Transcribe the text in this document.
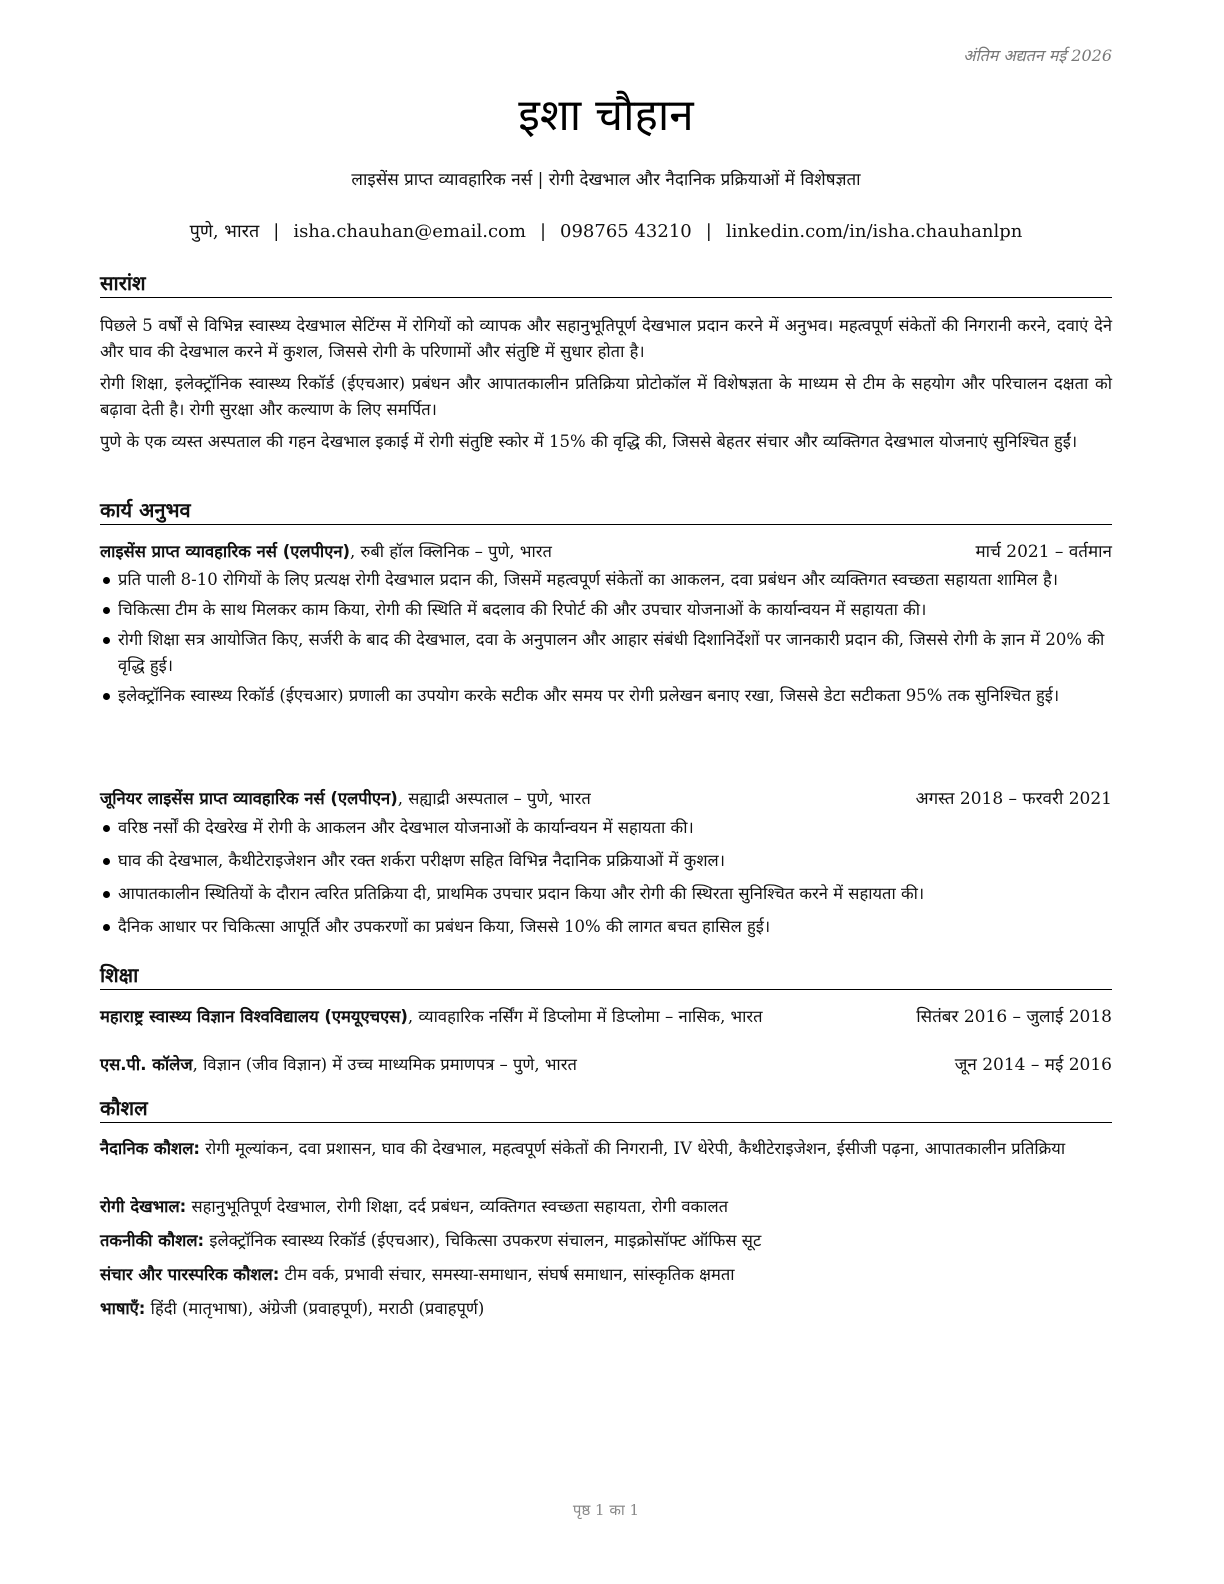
अंतिम अद्यतन मई 2026
इशा चौहान
लाइसेंस प्राप्त व्यावहारिक नर्स | रोगी देखभाल और नैदानिक प्रक्रियाओं में विशेषज्ञता
पुणे, भारत | isha.chauhan@email.com | 098765 43210 | linkedin.com/in/isha.chauhanlpn
सारांश

पिछले 5 वर्षों से विभिन्न स्वास्थ्य देखभाल सेटिंग्स में रोगियों को व्यापक और सहानुभूतिपूर्ण देखभाल प्रदान करने में अनुभव। महत्वपूर्ण संकेतों की निगरानी करने, दवाएं देने और घाव की देखभाल करने में कुशल, जिससे रोगी के परिणामों और संतुष्टि में सुधार होता है।

रोगी शिक्षा, इलेक्ट्रॉनिक स्वास्थ्य रिकॉर्ड (ईएचआर) प्रबंधन और आपातकालीन प्रतिक्रिया प्रोटोकॉल में विशेषज्ञता के माध्यम से टीम के सहयोग और परिचालन दक्षता को बढ़ावा देती है। रोगी सुरक्षा और कल्याण के लिए समर्पित।

पुणे के एक व्यस्त अस्पताल की गहन देखभाल इकाई में रोगी संतुष्टि स्कोर में 15% की वृद्धि की, जिससे बेहतर संचार और व्यक्तिगत देखभाल योजनाएं सुनिश्चित हुईं।

कार्य अनुभव
लाइसेंस प्राप्त व्यावहारिक नर्स (एलपीएन), रुबी हॉल क्लिनिक – पुणे, भारत	मार्च 2021 – वर्तमान
प्रति पाली 8-10 रोगियों के लिए प्रत्यक्ष रोगी देखभाल प्रदान की, जिसमें महत्वपूर्ण संकेतों का आकलन, दवा प्रबंधन और व्यक्तिगत स्वच्छता सहायता शामिल है।
चिकित्सा टीम के साथ मिलकर काम किया, रोगी की स्थिति में बदलाव की रिपोर्ट की और उपचार योजनाओं के कार्यान्वयन में सहायता की।
रोगी शिक्षा सत्र आयोजित किए, सर्जरी के बाद की देखभाल, दवा के अनुपालन और आहार संबंधी दिशानिर्देशों पर जानकारी प्रदान की, जिससे रोगी के ज्ञान में 20% की वृद्धि हुई।
इलेक्ट्रॉनिक स्वास्थ्य रिकॉर्ड (ईएचआर) प्रणाली का उपयोग करके सटीक और समय पर रोगी प्रलेखन बनाए रखा, जिससे डेटा सटीकता 95% तक सुनिश्चित हुई।
जूनियर लाइसेंस प्राप्त व्यावहारिक नर्स (एलपीएन), सह्याद्री अस्पताल – पुणे, भारत	अगस्त 2018 – फरवरी 2021
वरिष्ठ नर्सों की देखरेख में रोगी के आकलन और देखभाल योजनाओं के कार्यान्वयन में सहायता की।
घाव की देखभाल, कैथीटेराइजेशन और रक्त शर्करा परीक्षण सहित विभिन्न नैदानिक प्रक्रियाओं में कुशल।
आपातकालीन स्थितियों के दौरान त्वरित प्रतिक्रिया दी, प्राथमिक उपचार प्रदान किया और रोगी की स्थिरता सुनिश्चित करने में सहायता की।
दैनिक आधार पर चिकित्सा आपूर्ति और उपकरणों का प्रबंधन किया, जिससे 10% की लागत बचत हासिल हुई।
शिक्षा
महाराष्ट्र स्वास्थ्य विज्ञान विश्वविद्यालय (एमयूएचएस), व्यावहारिक नर्सिंग में डिप्लोमा में डिप्लोमा – नासिक, भारत	सितंबर 2016 – जुलाई 2018
एस.पी. कॉलेज, विज्ञान (जीव विज्ञान) में उच्च माध्यमिक प्रमाणपत्र – पुणे, भारत	जून 2014 – मई 2016
कौशल
नैदानिक कौशल: रोगी मूल्यांकन, दवा प्रशासन, घाव की देखभाल, महत्वपूर्ण संकेतों की निगरानी, IV थेरेपी, कैथीटेराइजेशन, ईसीजी पढ़ना, आपातकालीन प्रतिक्रिया
रोगी देखभाल: सहानुभूतिपूर्ण देखभाल, रोगी शिक्षा, दर्द प्रबंधन, व्यक्तिगत स्वच्छता सहायता, रोगी वकालत
तकनीकी कौशल: इलेक्ट्रॉनिक स्वास्थ्य रिकॉर्ड (ईएचआर), चिकित्सा उपकरण संचालन, माइक्रोसॉफ्ट ऑफिस सूट
संचार और पारस्परिक कौशल: टीम वर्क, प्रभावी संचार, समस्या-समाधान, संघर्ष समाधान, सांस्कृतिक क्षमता
भाषाएँ: हिंदी (मातृभाषा), अंग्रेजी (प्रवाहपूर्ण), मराठी (प्रवाहपूर्ण)
पृष्ठ 1 का 1
